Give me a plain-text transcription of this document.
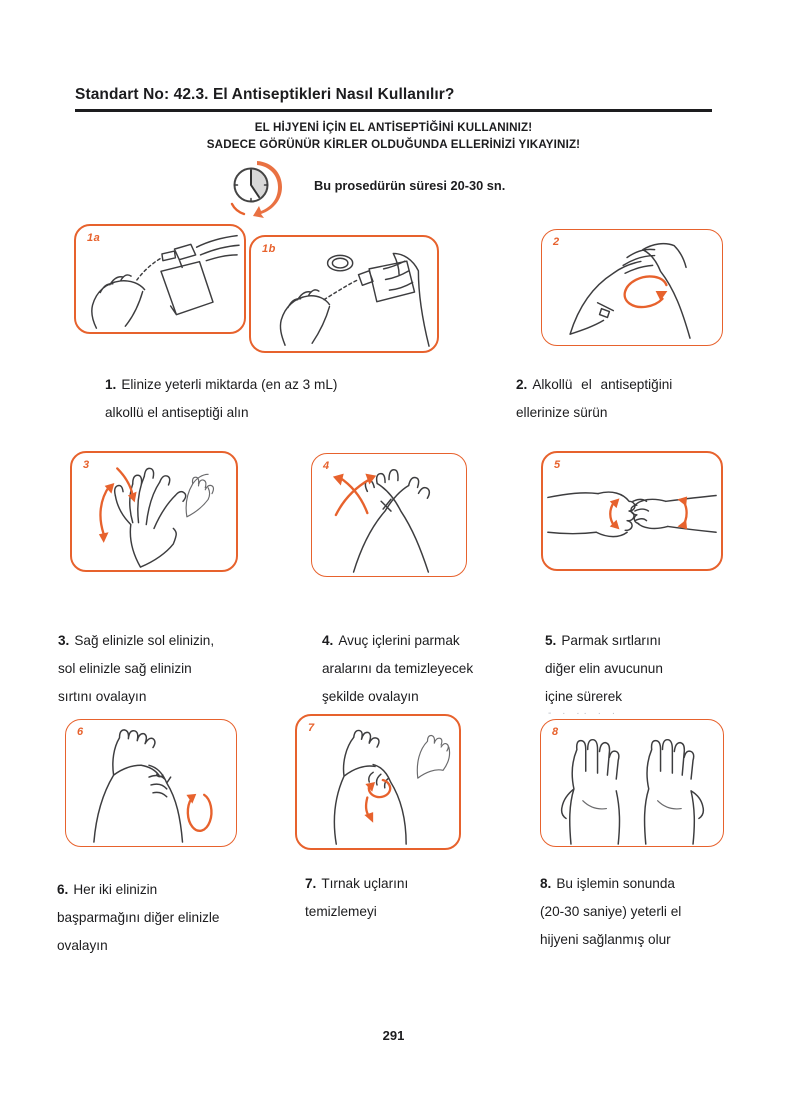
Standart No: 42.3. El Antiseptikleri Nasıl Kullanılır?
EL HİJYENİ İÇİN EL ANTİSEPTİĞİNİ KULLANINIZ!
SADECE GÖRÜNÜR KİRLER OLDUĞUNDA ELLERİNİZİ YIKAYINIZ!
Bu prosedürün süresi 20-30 sn.
1a
1b
2
1. Elinize yeterli miktarda (en az 3 mL)
alkollü el antiseptiği alın
2. Alkollü el antiseptiğini
ellerinize sürün
3	4	5
3. Sağ elinizle sol elinizin,
sol elinizle sağ elinizin
sırtını ovalayın
4. Avuç içlerini parmak
aralarını da temizleyecek
şekilde ovalayın
5. Parmak sırtlarını
diğer elin avucunun
içine sürerek
- · ·· · ·
6	7	8
6. Her iki elinizin
başparmağını diğer elinizle
ovalayın
7. Tırnak uçlarını
temizlemeyi
8. Bu işlemin sonunda
(20-30 saniye) yeterli el
hijyeni sağlanmış olur
291
